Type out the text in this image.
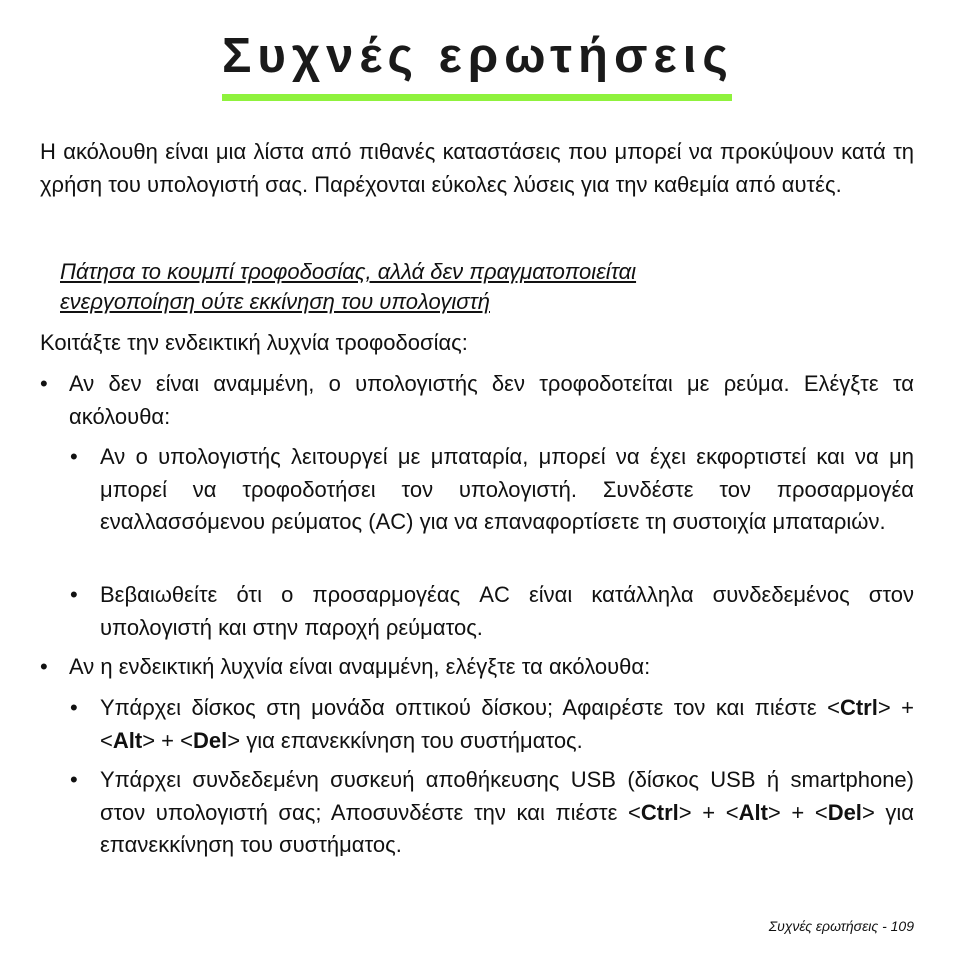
Συχνές ερωτήσεις

Η ακόλουθη είναι μια λίστα από πιθανές καταστάσεις που μπορεί να προκύψουν κατά τη χρήση του υπολογιστή σας. Παρέχονται εύκολες λύσεις για την καθεμία από αυτές.

Πάτησα το κουμπί τροφοδοσίας, αλλά δεν πραγματοποιείται
ενεργοποίηση ούτε εκκίνηση του υπολογιστή
Κοιτάξτε την ενδεικτική λυχνία τροφοδοσίας:
• Αν δεν είναι αναμμένη, ο υπολογιστής δεν τροφοδοτείται με ρεύμα. Ελέγξτε τα ακόλουθα:
• Αν ο υπολογιστής λειτουργεί με μπαταρία, μπορεί να έχει εκφορτιστεί και να μη μπορεί να τροφοδοτήσει τον υπολογιστή. Συνδέστε τον προσαρμογέα εναλλασσόμενου ρεύματος (AC) για να επαναφορτίσετε τη συστοιχία μπαταριών.
• Βεβαιωθείτε ότι ο προσαρμογέας AC είναι κατάλληλα συνδεδεμένος στον υπολογιστή και στην παροχή ρεύματος.
• Αν η ενδεικτική λυχνία είναι αναμμένη, ελέγξτε τα ακόλουθα:
• Υπάρχει δίσκος στη μονάδα οπτικού δίσκου; Αφαιρέστε τον και πιέστε <Ctrl> + <Alt> + <Del> για επανεκκίνηση του συστήματος.
• Υπάρχει συνδεδεμένη συσκευή αποθήκευσης USB (δίσκος USB ή smartphone) στον υπολογιστή σας; Αποσυνδέστε την και πιέστε <Ctrl> + <Alt> + <Del> για επανεκκίνηση του συστήματος.
Συχνές ερωτήσεις - 109
